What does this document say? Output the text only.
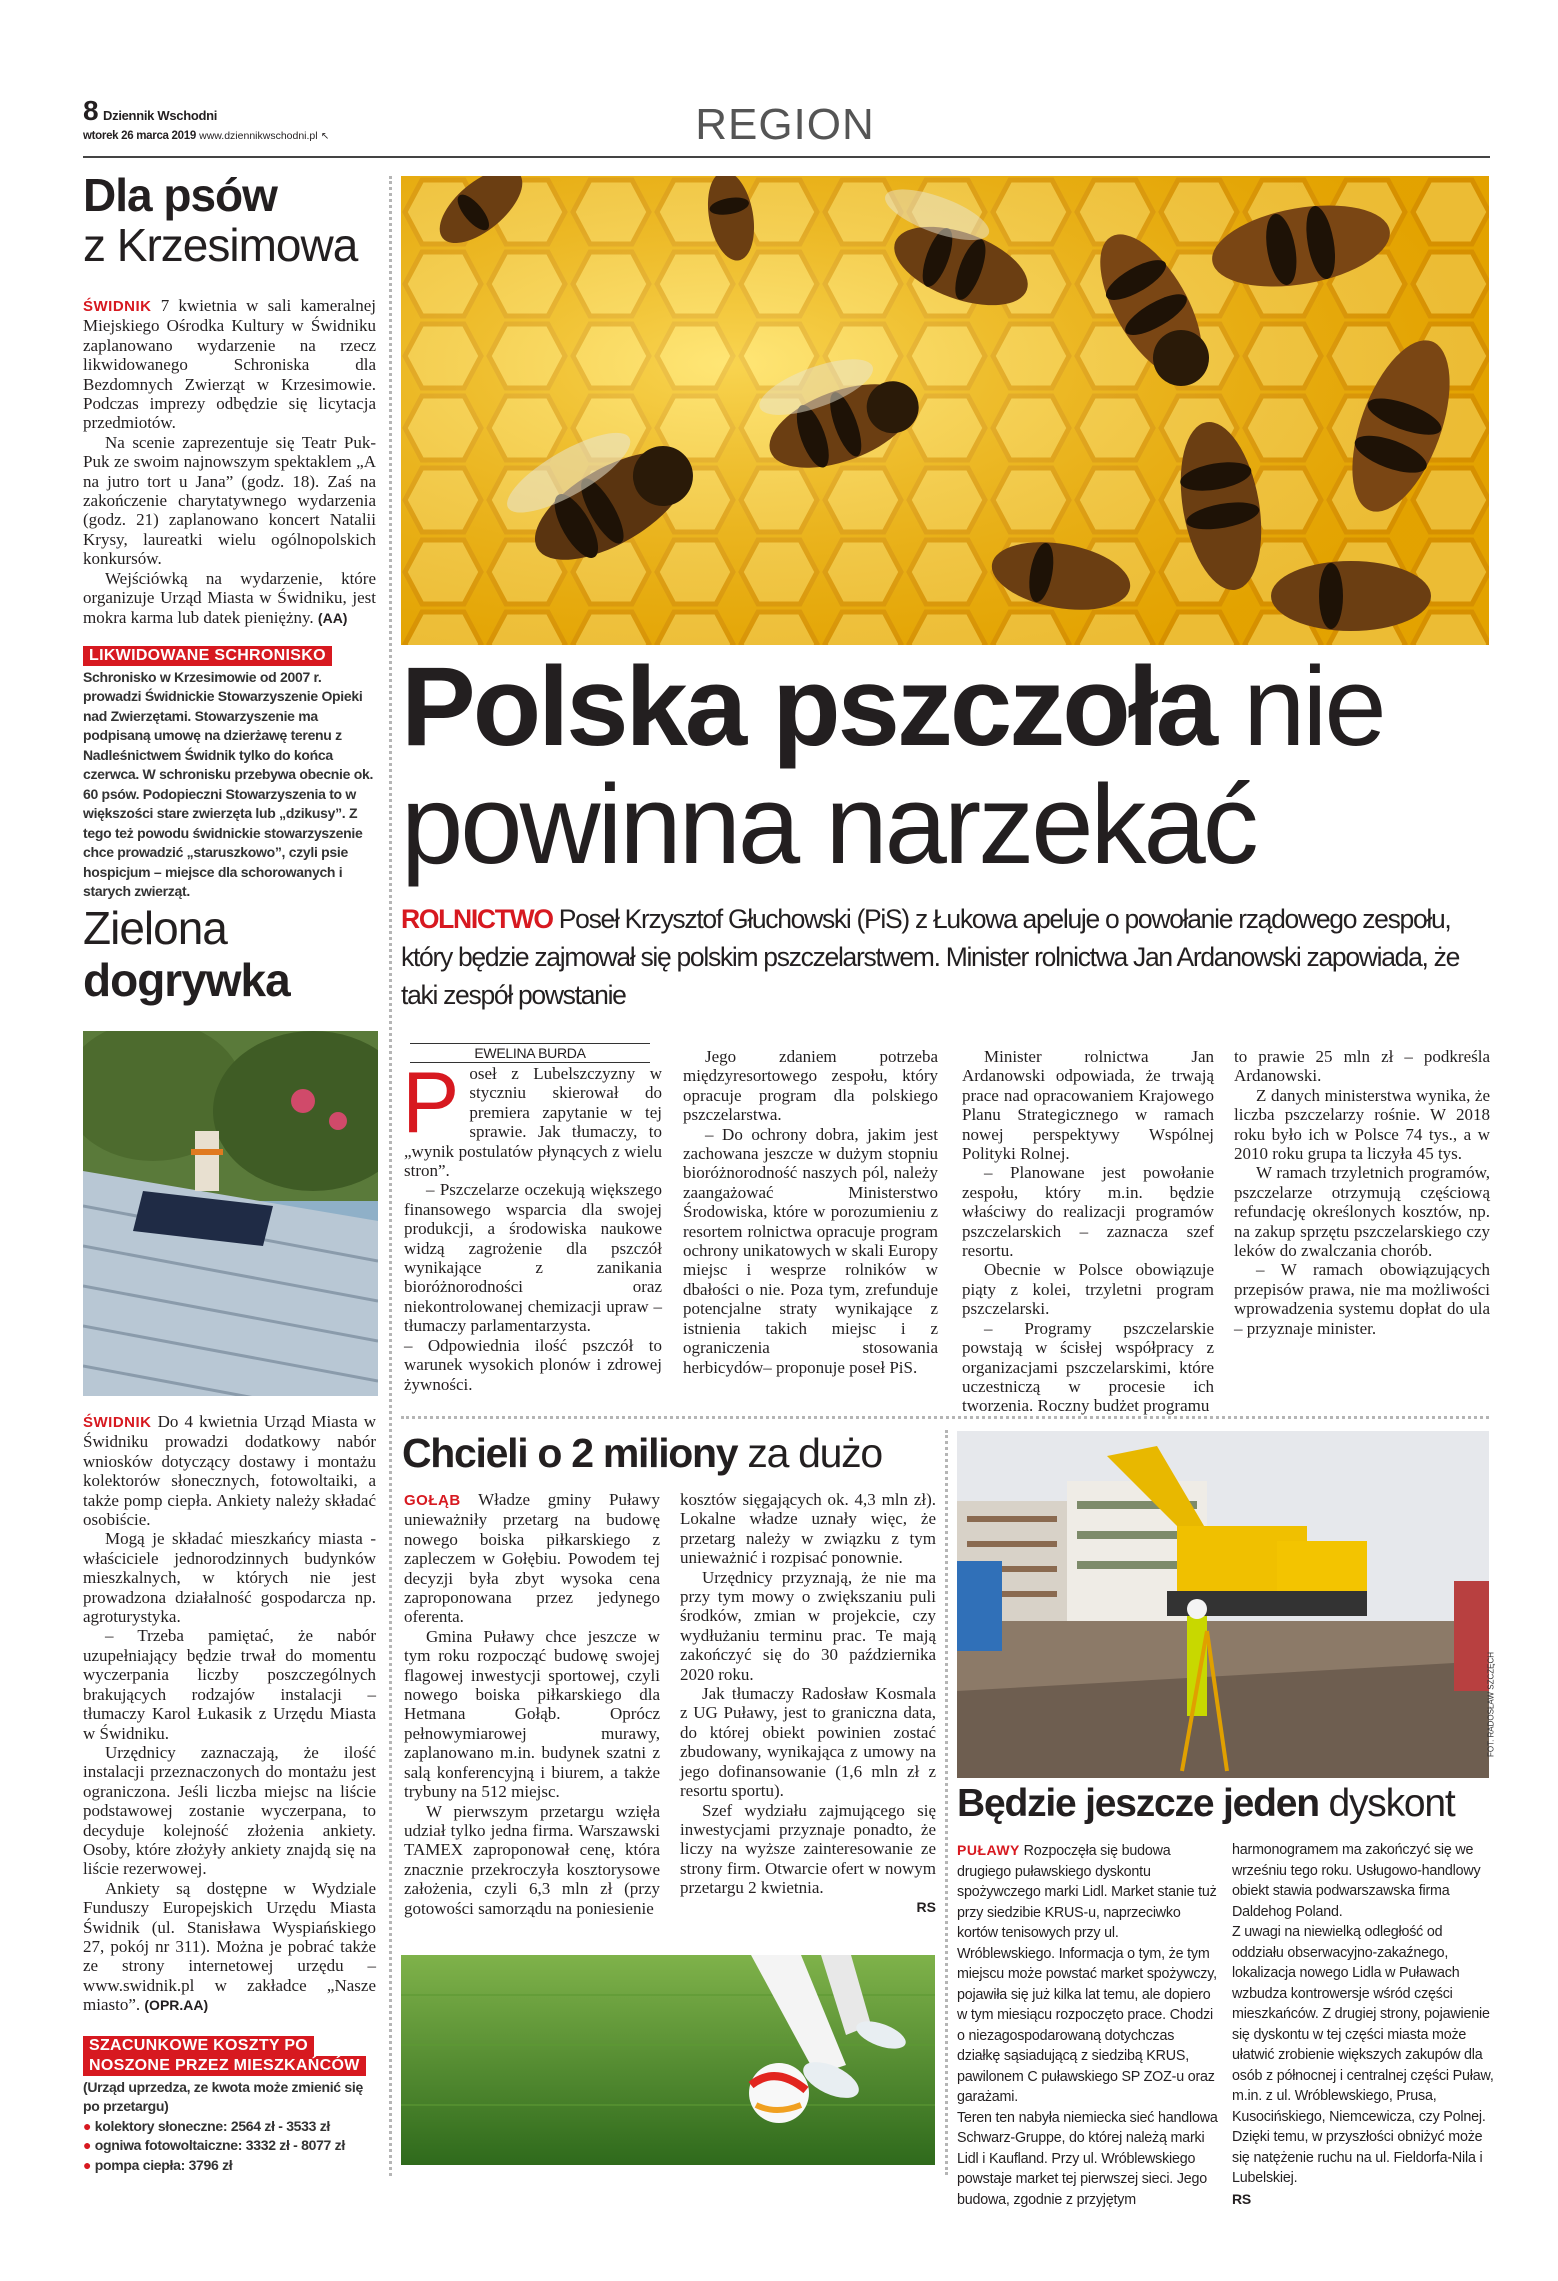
8 Dziennik Wschodni
wtorek 26 marca 2019 www.dziennikwschodni.pl ↖	REGION
Dla psów
z Krzesimowa

ŚWIDNIK 7 kwietnia w sali kameralnej Miejskiego Ośrodka Kultury w Świdniku zaplanowano wydarzenie na rzecz likwidowanego Schroniska dla Bezdomnych Zwierząt w Krzesimowie. Podczas imprezy odbędzie się licytacja przedmiotów.

Na scenie zaprezentuje się Teatr Puk-Puk ze swoim najnowszym spektaklem „A na jutro tort u Jana” (godz. 18). Zaś na zakończenie charytatywnego wydarzenia (godz. 21) zaplanowano koncert Natalii Krysy, laureatki wielu ogólnopolskich konkursów.

Wejściówką na wydarzenie, które organizuje Urząd Miasta w Świdniku, jest mokra karma lub datek pieniężny. (AA)

LIKWIDOWANE SCHRONISKO
Schronisko w Krzesimowie od 2007 r. prowadzi Świdnickie Stowarzyszenie Opieki nad Zwierzętami. Stowarzyszenie ma podpisaną umowę na dzierżawę terenu z Nadleśnictwem Świdnik tylko do końca czerwca. W schronisku przebywa obecnie ok. 60 psów. Podopieczni Stowarzyszenia to w większości stare zwierzęta lub „dzikusy”. Z tego też powodu świdnickie stowarzyszenie chce prowadzić „staruszkowo”, czyli psie hospicjum – miejsce dla schorowanych i starych zwierząt.
Zielona
dogrywka

ŚWIDNIK Do 4 kwietnia Urząd Miasta w Świdniku prowadzi dodatkowy nabór wniosków dotyczący dostawy i montażu kolektorów słonecznych, fotowoltaiki, a także pomp ciepła. Ankiety należy składać osobiście.

Mogą je składać mieszkańcy miasta - właściciele jednorodzinnych budynków mieszkalnych, w których nie jest prowadzona działalność gospodarcza np. agroturystyka.

– Trzeba pamiętać, że nabór uzupełniający będzie trwał do momentu wyczerpania liczby poszczególnych brakujących rodzajów instalacji – tłumaczy Karol Łukasik z Urzędu Miasta w Świdniku.

Urzędnicy zaznaczają, że ilość instalacji przeznaczonych do montażu jest ograniczona. Jeśli liczba miejsc na liście podstawowej zostanie wyczerpana, to decyduje kolejność złożenia ankiety. Osoby, które złożyły ankiety znajdą się na liście rezerwowej.

Ankiety są dostępne w Wydziale Funduszy Europejskich Urzędu Miasta Świdnik (ul. Stanisława Wyspiańskiego 27, pokój nr 311). Można je pobrać także ze strony internetowej urzędu – www.swidnik.pl w zakładce „Nasze miasto”. (OPR.AA)

SZACUNKOWE KOSZTY PO
NOSZONE PRZEZ MIESZKAŃCÓW
(Urząd uprzedza, ze kwota może zmienić się po przetargu)
● kolektory słoneczne: 2564 zł - 3533 zł
● ogniwa fotowoltaiczne: 3332 zł - 8077 zł
● pompa ciepła: 3796 zł
Polska pszczoła nie
powinna narzekać
ROLNICTWO Poseł Krzysztof Głuchowski (PiS) z Łukowa apeluje o powołanie rządowego zespołu, który będzie zajmował się polskim pszczelarstwem. Minister rolnictwa Jan Ardanowski zapowiada, że taki zespół powstanie
EWELINA BURDA

P oseł z Lubelszczyzny w styczniu skierował do premiera zapytanie w tej sprawie. Jak tłumaczy, to „wynik postulatów płynących z wielu stron”.

– Pszczelarze oczekują większego finansowego wsparcia dla swojej produkcji, a środowiska naukowe widzą zagrożenie dla pszczół wynikające z zanikania bioróżnorodności oraz niekontrolowanej chemizacji upraw – tłumaczy parlamentarzysta.

– Odpowiednia ilość pszczół to warunek wysokich plonów i zdrowej żywności.

Jego zdaniem potrzeba międzyresortowego zespołu, który opracuje program dla polskiego pszczelarstwa.

– Do ochrony dobra, jakim jest zachowana jeszcze w dużym stopniu bioróżnorodność naszych pól, należy zaangażować Ministerstwo Środowiska, które w porozumieniu z resortem rolnictwa opracuje program ochrony unikatowych w skali Europy miejsc i wesprze rolników w dbałości o nie. Poza tym, zrefunduje potencjalne straty wynikające z istnienia takich miejsc i z ograniczenia stosowania herbicydów– proponuje poseł PiS.

Minister rolnictwa Jan Ardanowski odpowiada, że trwają prace nad opracowaniem Krajowego Planu Strategicznego w ramach nowej perspektywy Wspólnej Polityki Rolnej.

– Planowane jest powołanie zespołu, który m.in. będzie właściwy do realizacji programów pszczelarskich – zaznacza szef resortu.

Obecnie w Polsce obowiązuje piąty z kolei, trzyletni program pszczelarski.

– Programy pszczelarskie powstają w ścisłej współpracy z organizacjami pszczelarskimi, które uczestniczą w procesie ich tworzenia. Roczny budżet programu

to prawie 25 mln zł – podkreśla Ardanowski.

Z danych ministerstwa wynika, że liczba pszczelarzy rośnie. W 2018 roku było ich w Polsce 74 tys., a w 2010 roku grupa ta liczyła 45 tys.

W ramach trzyletnich programów, pszczelarze otrzymują częściową refundację określonych kosztów, np. na zakup sprzętu pszczelarskiego czy leków do zwalczania chorób.

– W ramach obowiązujących przepisów prawa, nie ma możliwości wprowadzenia systemu dopłat do ula – przyznaje minister.

Chcieli o 2 miliony za dużo

GOŁĄB Władze gminy Puławy unieważniły przetarg na budowę nowego boiska piłkarskiego z zapleczem w Gołębiu. Powodem tej decyzji była zbyt wysoka cena zaproponowana przez jedynego oferenta.

Gmina Puławy chce jeszcze w tym roku rozpocząć budowę swojej flagowej inwestycji sportowej, czyli nowego boiska piłkarskiego dla Hetmana Gołąb. Oprócz pełnowymiarowej murawy, zaplanowano m.in. budynek szatni z salą konferencyjną i biurem, a także trybuny na 512 miejsc.

W pierwszym przetargu wzięła udział tylko jedna firma. Warszawski TAMEX zaproponował cenę, która znacznie przekroczyła kosztorysowe założenia, czyli 6,3 mln zł (przy gotowości samorządu na poniesienie

kosztów sięgających ok. 4,3 mln zł). Lokalne władze uznały więc, że przetarg należy w związku z tym unieważnić i rozpisać ponownie.

Urzędnicy przyznają, że nie ma przy tym mowy o zwiększaniu puli środków, zmian w projekcie, czy wydłużaniu terminu prac. Te mają zakończyć się do 30 października 2020 roku.

Jak tłumaczy Radosław Kosmala z UG Puławy, jest to graniczna data, do której obiekt powinien zostać zbudowany, wynikająca z umowy na jego dofinansowanie (1,6 mln zł z resortu sportu).

Szef wydziału zajmującego się inwestycjami przyznaje ponadto, że liczy na wyższe zainteresowanie ze strony firm. Otwarcie ofert w nowym przetargu 2 kwietnia.

RS
FOT. RADOSŁAW SZCZĘCH
Będzie jeszcze jeden dyskont

PUŁAWY Rozpoczęła się budowa drugiego puławskiego dyskontu spożywczego marki Lidl. Market stanie tuż przy siedzibie KRUS-u, naprzeciwko kortów tenisowych przy ul. Wróblewskiego. Informacja o tym, że tym miejscu może powstać market spożywczy, pojawiła się już kilka lat temu, ale dopiero w tym miesiącu rozpoczęto prace. Chodzi o niezagospodarowaną dotychczas działkę sąsiadującą z siedzibą KRUS, pawilonem C puławskiego SP ZOZ-u oraz garażami.

Teren ten nabyła niemiecka sieć handlowa Schwarz-Gruppe, do której należą marki Lidl i Kaufland. Przy ul. Wróblewskiego powstaje market tej pierwszej sieci. Jego budowa, zgodnie z przyjętym

harmonogramem ma zakończyć się we wrześniu tego roku. Usługowo-handlowy obiekt stawia podwarszawska firma Daldehog Poland.

Z uwagi na niewielką odległość od oddziału obserwacyjno-zakaźnego, lokalizacja nowego Lidla w Puławach wzbudza kontrowersje wśród części mieszkańców. Z drugiej strony, pojawienie się dyskontu w tej części miasta może ułatwić zrobienie większych zakupów dla osób z północnej i centralnej części Puław, m.in. z ul. Wróblewskiego, Prusa, Kusocińskiego, Niemcewicza, czy Polnej. Dzięki temu, w przyszłości obniżyć może się natężenie ruchu na ul. Fieldorfa-Nila i Lubelskiej.

RS
